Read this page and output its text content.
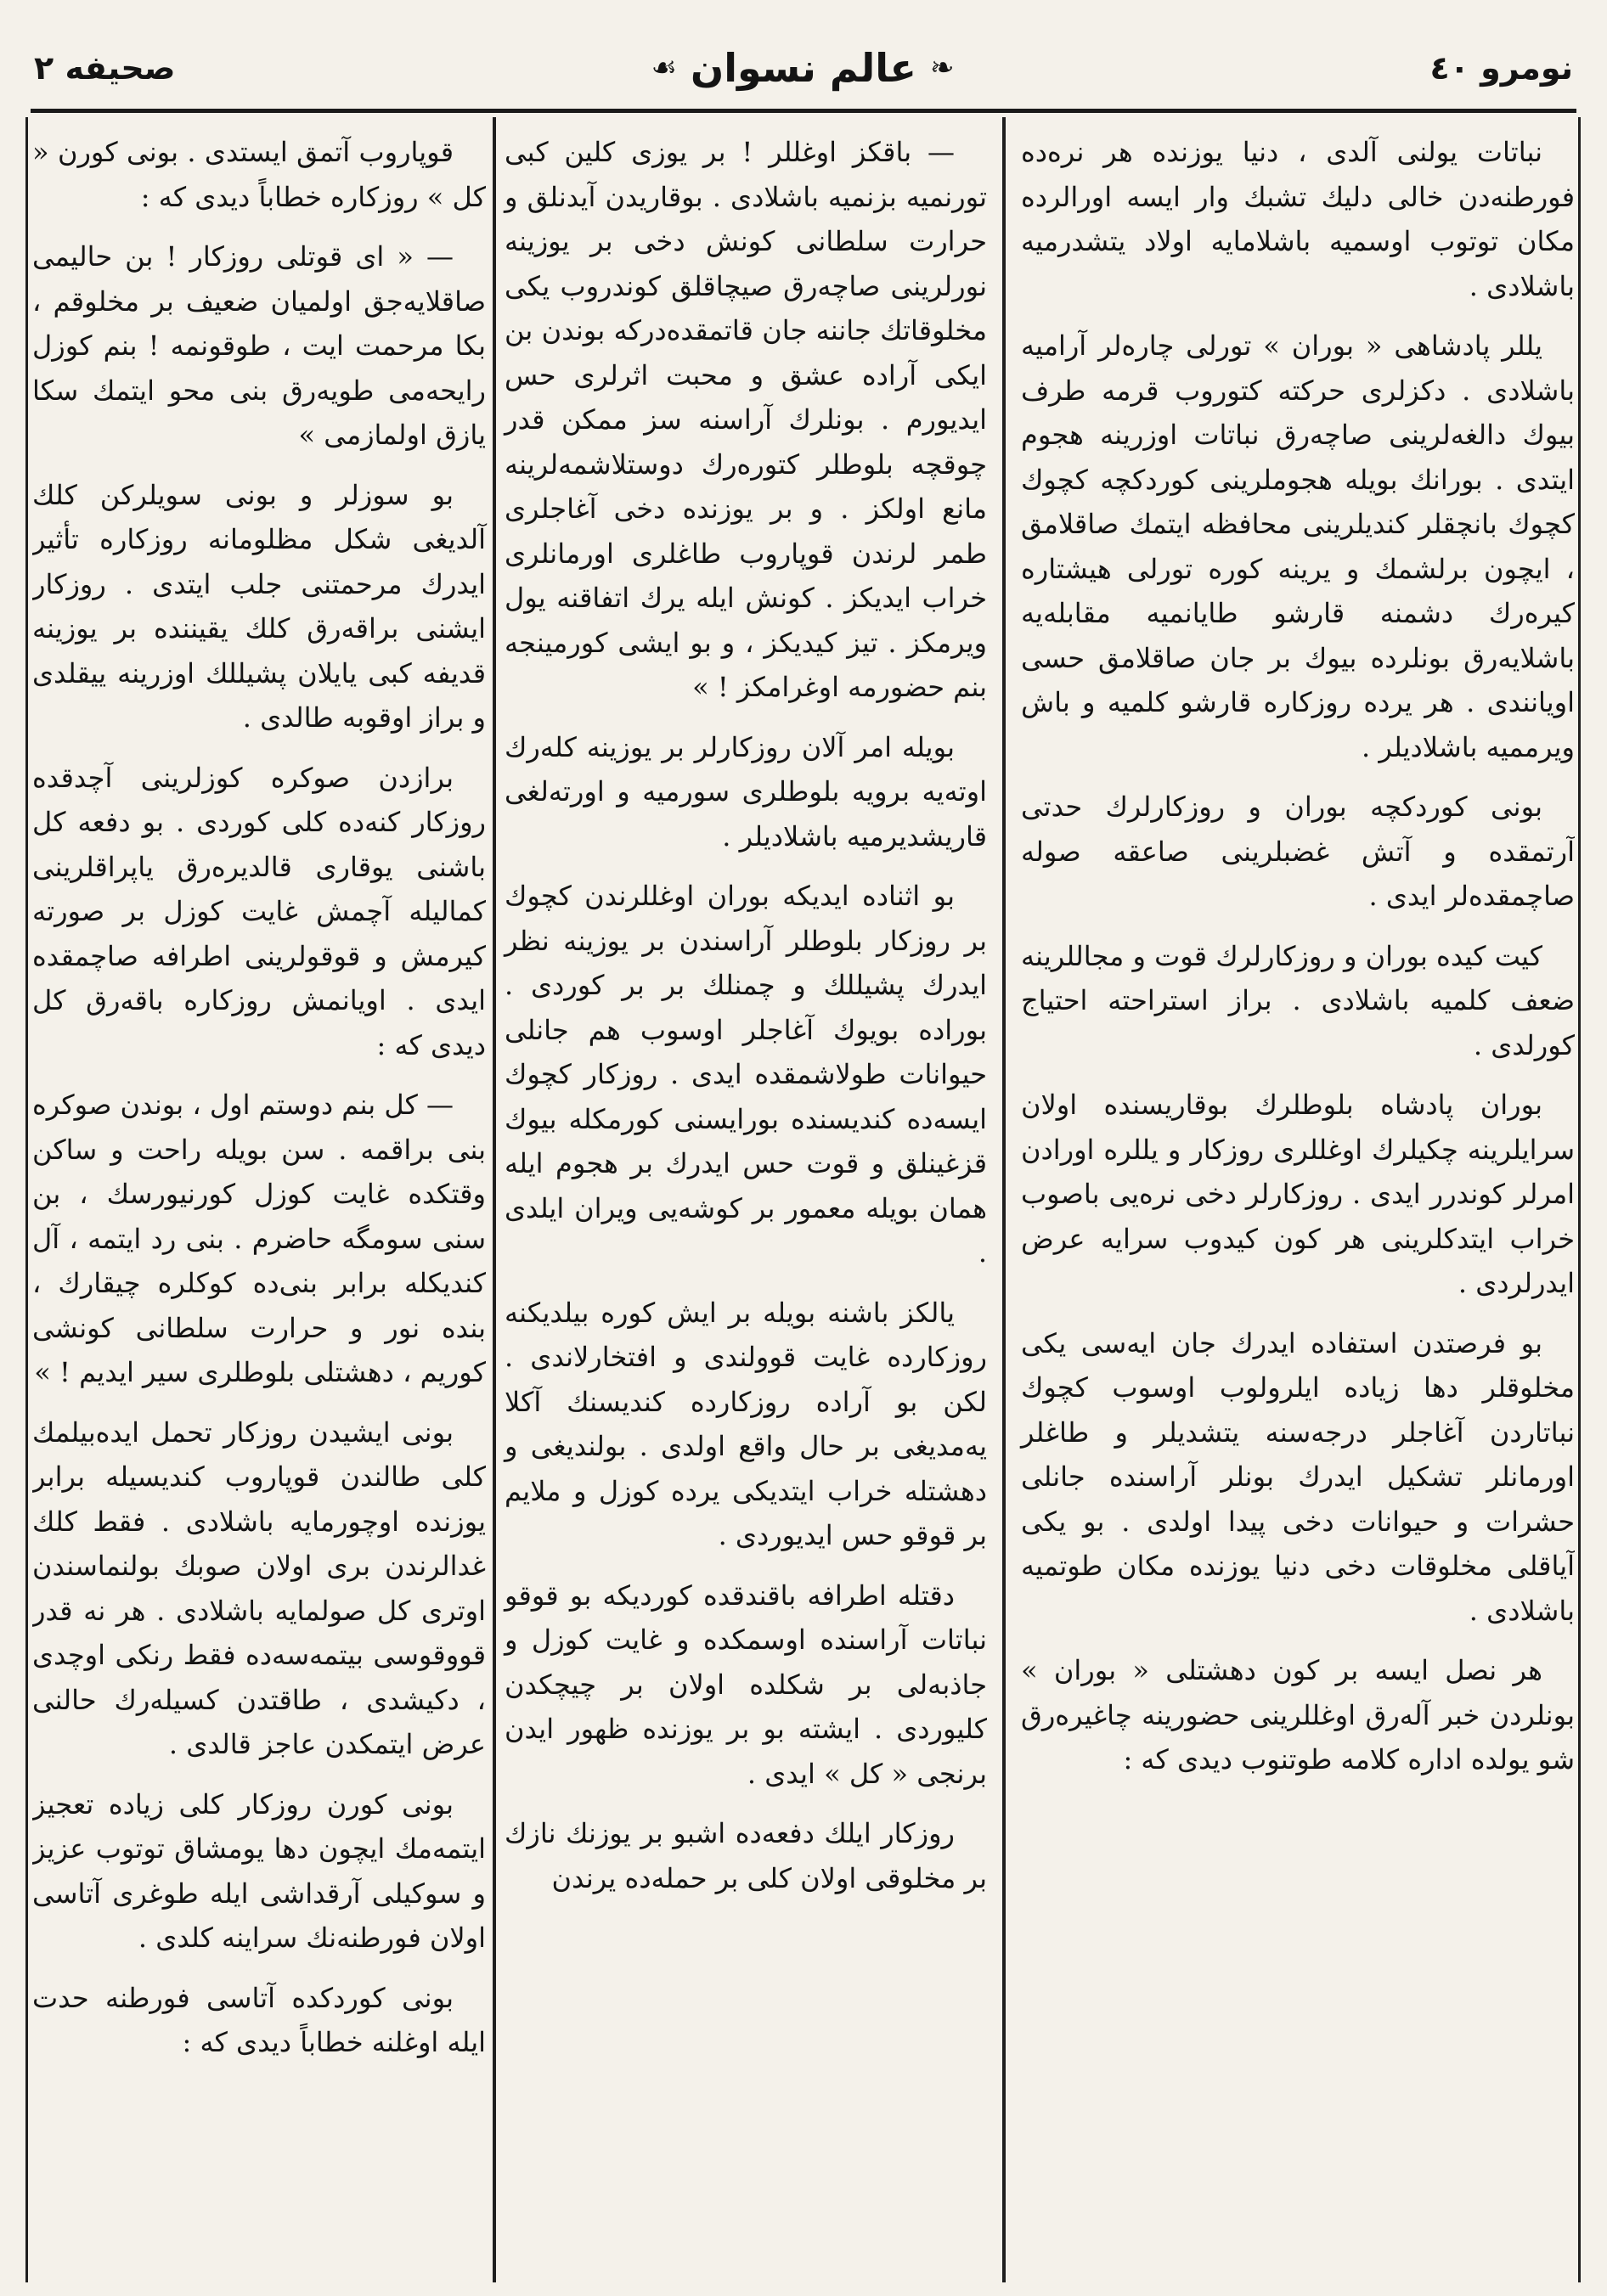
نومرو ٤٠
❧
عالم نسوان
☙
صحيفه ٢

نباتات يولنی آلدی ، دنيا يوزنده هر نره‌ده فورطنه‌دن خالی دليك تشبك وار ايسه اورالرده مكان توتوب اوسميه باشلامايه اولاد يتشدرميه باشلادی .

يللر پادشاهی « بوران » تورلی چاره‌لر آراميه باشلادی . دكزلری حركته كتوروب قرمه طرف بيوك دالغه‌لرينی صاچه‌رق نباتات اوزرينه هجوم ايتدی . بورانك بويله هجوملرينی كوردكچه كچوك كچوك بانچقلر كنديلرينی محافظه ايتمك صاقلامق ، ايچون برلشمك و يرينه كوره تورلی هيشتاره كيره‌رك دشمنه قارشو طايانميه مقابله‌يه باشلايه‌رق بونلرده بيوك بر جان صاقلامق حسی اويانندی . هر يرده روزكاره قارشو كلميه و باش ويرمميه باشلاديلر .

بونی كوردكچه بوران و روزكارلرك حدتی آرتمقده و آتش غضبلرينی صاعقه صوله صاچمقده‌لر ايدی .

كيت كيده بوران و روزكارلرك قوت و مجاللرينه ضعف كلميه باشلادی . براز استراحته احتياج كورلدی .

بوران پادشاه بلوطلرك بوقاريسنده اولان سرايلرينه چكيلرك اوغللری روزكار و يللره اورادن امرلر كوندرر ايدی . روزكارلر دخی نره‌يی باصوب خراب ايتدكلرينی هر كون كيدوب سرايه عرض ايدرلردی .

بو فرصتدن استفاده ايدرك جان ايه‌سی يكی مخلوقلر دها زياده ايلرولوب اوسوب كچوك نباتاردن آغاجلر درجه‌سنه يتشديلر و طاغلر اورمانلر تشكيل ايدرك بونلر آراسنده جانلی حشرات و حيوانات دخی پيدا اولدی . بو يكی آياقلی مخلوقات دخی دنيا يوزنده مكان طوتميه باشلادی .

هر نصل ايسه بر كون دهشتلی « بوران » بونلردن خبر آله‌رق اوغللرينی حضورينه چاغيره‌رق شو يولده اداره كلامه طوتنوب ديدی كه :

— باقكز اوغللر ! بر يوزی كلين كبی تورنميه بزنميه باشلادی . بوقاريدن آيدنلق و حرارت سلطانی كونش دخی بر يوزينه نورلرينی صاچه‌رق صيچاقلق كوندروب يكی مخلوقاتك جاننه جان قاتمقده‌دركه بوندن بن ايكی آراده عشق و محبت اثرلری حس ايديورم . بونلرك آراسنه سز ممكن قدر چوقچه بلوطلر كتوره‌رك دوستلاشمه‌لرينه مانع اولكز . و بر يوزنده دخی آغاجلری طمر لرندن قوپاروب طاغلری اورمانلری خراب ايديكز . كونش ايله يرك اتفاقنه يول ويرمكز . تيز كيديكز ، و بو ايشی كورمينجه بنم حضورمه اوغرامكز ! »

بويله امر آلان روزكارلر بر يوزينه كله‌رك اوته‌يه برويه بلوطلری سورميه و اورته‌لغی قاريشديرميه باشلاديلر .

بو اثناده ايديكه بوران اوغللرندن كچوك بر روزكار بلوطلر آراسندن بر يوزينه نظر ايدرك پشيللك و چمنلك بر بر كوردی . بوراده بويوك آغاجلر اوسوب هم جانلی حيوانات طولاشمقده ايدی . روزكار كچوك ايسه‌ده كنديسنده بورايسنی كورمكله بيوك قزغينلق و قوت حس ايدرك بر هجوم ايله همان بويله معمور بر كوشه‌يی ويران ايلدی .

يالكز باشنه بويله بر ايش كوره بيلديكنه روزكارده غايت قوولندی و افتخارلاندی . لكن بو آراده روزكارده كنديسنك آكلا يه‌مديغی بر حال واقع اولدی . بولنديغی و دهشتله خراب ايتديكی يرده كوزل و ملايم بر قوقو حس ايديوردی .

دقتله اطرافه باقندقده كورديكه بو قوقو نباتات آراسنده اوسمكده و غايت كوزل و جاذبه‌لی بر شكلده اولان بر چيچكدن كليوردی . ايشته بو بر يوزنده ظهور ايدن برنجی « كل » ايدی .

روزكار ايلك دفعه‌ده اشبو بر يوزنك نازك بر مخلوقی اولان كلی بر حمله‌ده يرندن

قوپاروب آتمق ايستدی . بونی كورن « كل » روزكاره خطاباً ديدی كه :

— « ای قوتلی روزكار ! بن حاليمی صاقلايه‌جق اولميان ضعيف بر مخلوقم ، بكا مرحمت ايت ، طوقونمه ! بنم كوزل رايحه‌می طويه‌رق بنی محو ايتمك سكا يازق اولمازمی »

بو سوزلر و بونی سويلركن كلك آلديغی شكل مظلومانه روزكاره تأثير ايدرك مرحمتنی جلب ايتدی . روزكار ايشنی براقه‌رق كلك يقيننده بر يوزينه قديفه كبی يايلان پشيللك اوزرينه ييقلدی و براز اوقوبه طالدی .

برازدن صوكره كوزلرينی آچدقده روزكار كنه‌ده كلی كوردی . بو دفعه كل باشنی يوقاری قالديره‌رق ياپراقلرينی كماليله آچمش غايت كوزل بر صورته كيرمش و قوقولرينی اطرافه صاچمقده ايدی . اويانمش روزكاره باقه‌رق كل ديدی كه :

— كل بنم دوستم اول ، بوندن صوكره بنی براقمه . سن بويله راحت و ساكن وقتكده غايت كوزل كورنيورسك ، بن سنی سومگه حاضرم . بنی رد ايتمه ، آل كنديكله برابر بنی‌ده كوكلره چيقارك ، بنده نور و حرارت سلطانی كونشی كوريم ، دهشتلی بلوطلری سير ايديم ! »

بونی ايشيدن روزكار تحمل ايده‌بيلمك كلی طالندن قوپاروب كنديسيله برابر يوزنده اوچورمايه باشلادی . فقط كلك غدالرندن بری اولان صوبك بولنماسندن اوتری كل صولمايه باشلادی . هر نه قدر قووقوسی بيتمه‌سه‌ده فقط رنكی اوچدی ، دكيشدی ، طاقتدن كسيله‌رك حالنی عرض ايتمكدن عاجز قالدی .

بونی كورن روزكار كلی زياده تعجيز ايتمه‌مك ايچون دها يومشاق توتوب عزيز و سوكيلی آرقداشی ايله طوغری آتاسی اولان فورطنه‌نك سراينه كلدی .

بونی كوردكده آتاسی فورطنه حدت ايله اوغلنه خطاباً ديدی كه :
